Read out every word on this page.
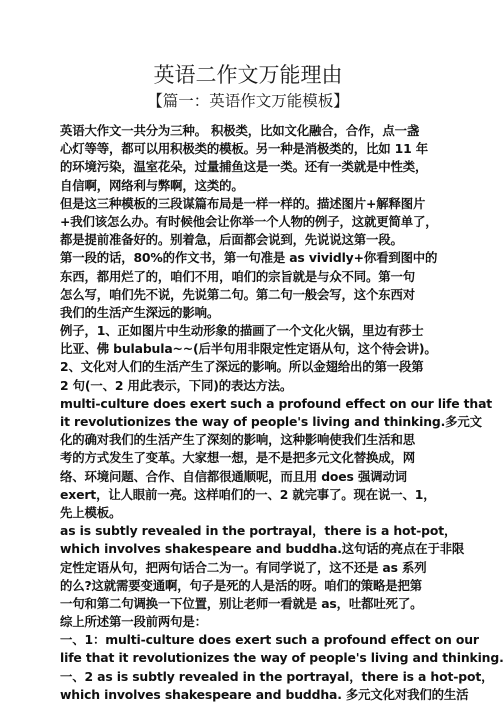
英语二作文万能理由
【篇一：英语作文万能模板】
英语大作文一共分为三种。 积极类，比如文化融合，合作，点一盏
心灯等等，都可以用积极类的模板。另一种是消极类的，比如 11 年
的环境污染，温室花朵，过量捕鱼这是一类。还有一类就是中性类，
自信啊，网络利与弊啊，这类的。
但是这三种模板的三段谋篇布局是一样一样的。描述图片+解释图片
+我们该怎么办。有时候他会让你举一个人物的例子，这就更简单了，
都是提前准备好的。别着急，后面都会说到，先说说这第一段。
第一段的话，80%的作文书，第一句准是 as vividly+你看到图中的
东西，都用烂了的，咱们不用，咱们的宗旨就是与众不同。第一句
怎么写，咱们先不说，先说第二句。第二句一般会写，这个东西对
我们的生活产生深远的影响。
例子，1、正如图片中生动形象的描画了一个文化火锅，里边有莎士
比亚、佛 bulabula~~(后半句用非限定性定语从句，这个待会讲)。
2、文化对人们的生活产生了深远的影响。所以金翅给出的第一段第
2 句(一、2 用此表示，下同)的表达方法。
multi-culture does exert such a profound effect on our life that
it revolutionizes the way of people's living and thinking.多元文
化的确对我们的生活产生了深刻的影响，这种影响使我们生活和思
考的方式发生了变革。大家想一想，是不是把多元文化替换成，网
络、环境问题、合作、自信都很通顺呢，而且用 does 强调动词
exert，让人眼前一亮。这样咱们的一、2 就完事了。现在说一、1，
先上模板。
as is subtly revealed in the portrayal，there is a hot-pot，
which involves shakespeare and buddha.这句话的亮点在于非限
定性定语从句，把两句话合二为一。有同学说了，这不还是 as 系列
的么?这就需要变通啊，句子是死的人是活的呀。咱们的策略是把第
一句和第二句调换一下位置，别让老师一看就是 as，吐都吐死了。
综上所述第一段前两句是：
一、1：multi-culture does exert such a profound effect on our
life that it revolutionizes the way of people's living and thinking.
一、2 as is subtly revealed in the portrayal，there is a hot-pot，
which involves shakespeare and buddha. 多元文化对我们的生活
